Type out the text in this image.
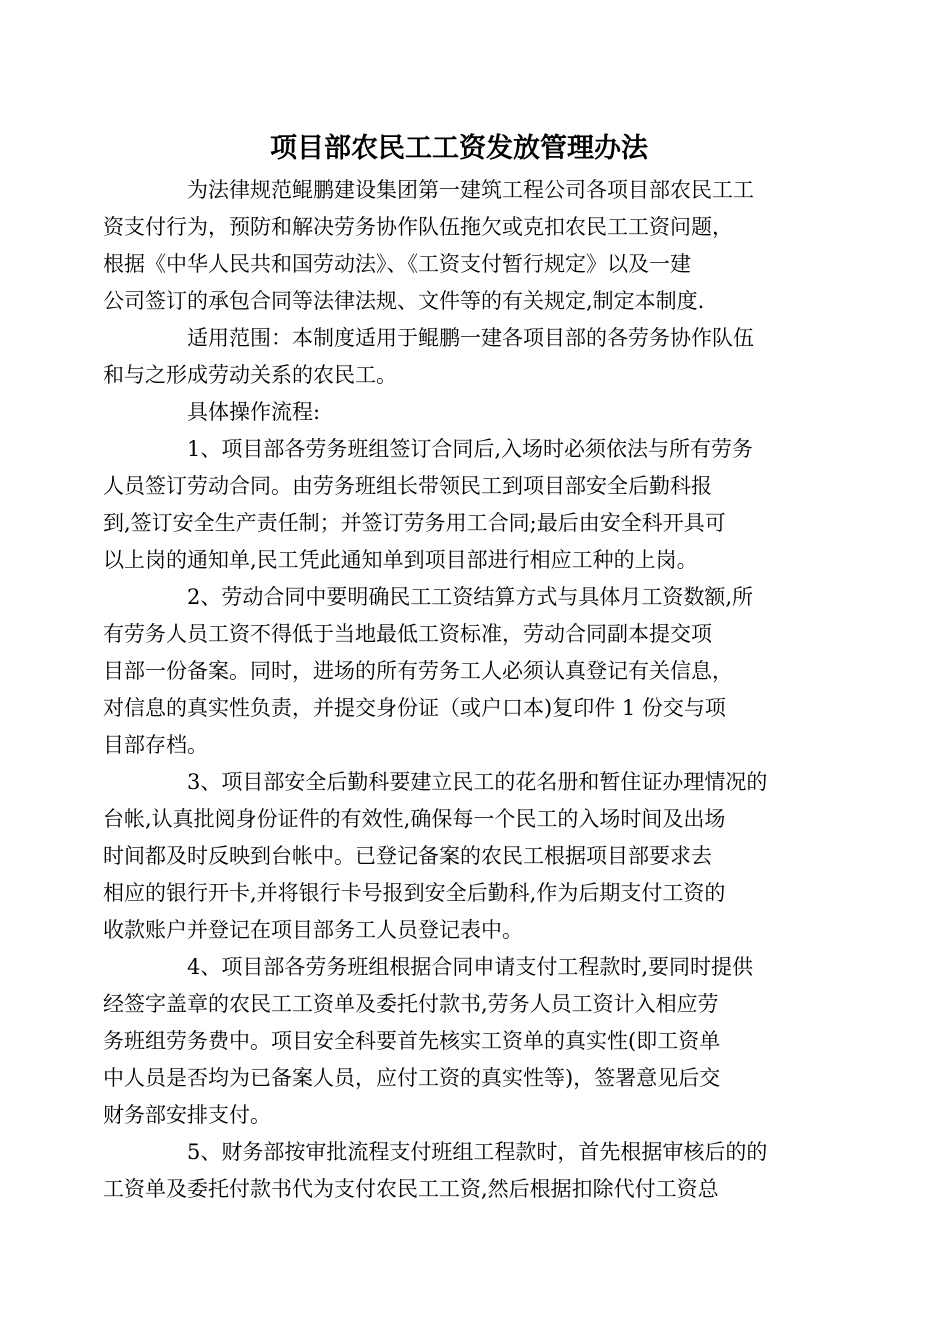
项目部农民工工资发放管理办法

为法律规范鲲鹏建设集团第一建筑工程公司各项目部农民工工
资支付行为，预防和解决劳务协作队伍拖欠或克扣农民工工资问题，
根据《中华人民共和国劳动法》、《工资支付暂行规定》以及一建
公司签订的承包合同等法律法规、文件等的有关规定,制定本制度.

适用范围：本制度适用于鲲鹏一建各项目部的各劳务协作队伍
和与之形成劳动关系的农民工。

具体操作流程:

1、项目部各劳务班组签订合同后,入场时必须依法与所有劳务
人员签订劳动合同。由劳务班组长带领民工到项目部安全后勤科报
到,签订安全生产责任制；并签订劳务用工合同;最后由安全科开具可
以上岗的通知单,民工凭此通知单到项目部进行相应工种的上岗。

2、劳动合同中要明确民工工资结算方式与具体月工资数额,所
有劳务人员工资不得低于当地最低工资标准，劳动合同副本提交项
目部一份备案。同时，进场的所有劳务工人必须认真登记有关信息，
对信息的真实性负责，并提交身份证（或户口本)复印件 1 份交与项
目部存档。

3、项目部安全后勤科要建立民工的花名册和暂住证办理情况的
台帐,认真批阅身份证件的有效性,确保每一个民工的入场时间及出场
时间都及时反映到台帐中。已登记备案的农民工根据项目部要求去
相应的银行开卡,并将银行卡号报到安全后勤科,作为后期支付工资的
收款账户并登记在项目部务工人员登记表中。

4、项目部各劳务班组根据合同申请支付工程款时,要同时提供
经签字盖章的农民工工资单及委托付款书,劳务人员工资计入相应劳
务班组劳务费中。项目安全科要首先核实工资单的真实性(即工资单
中人员是否均为已备案人员，应付工资的真实性等)，签署意见后交
财务部安排支付。

5、财务部按审批流程支付班组工程款时，首先根据审核后的的
工资单及委托付款书代为支付农民工工资,然后根据扣除代付工资总
